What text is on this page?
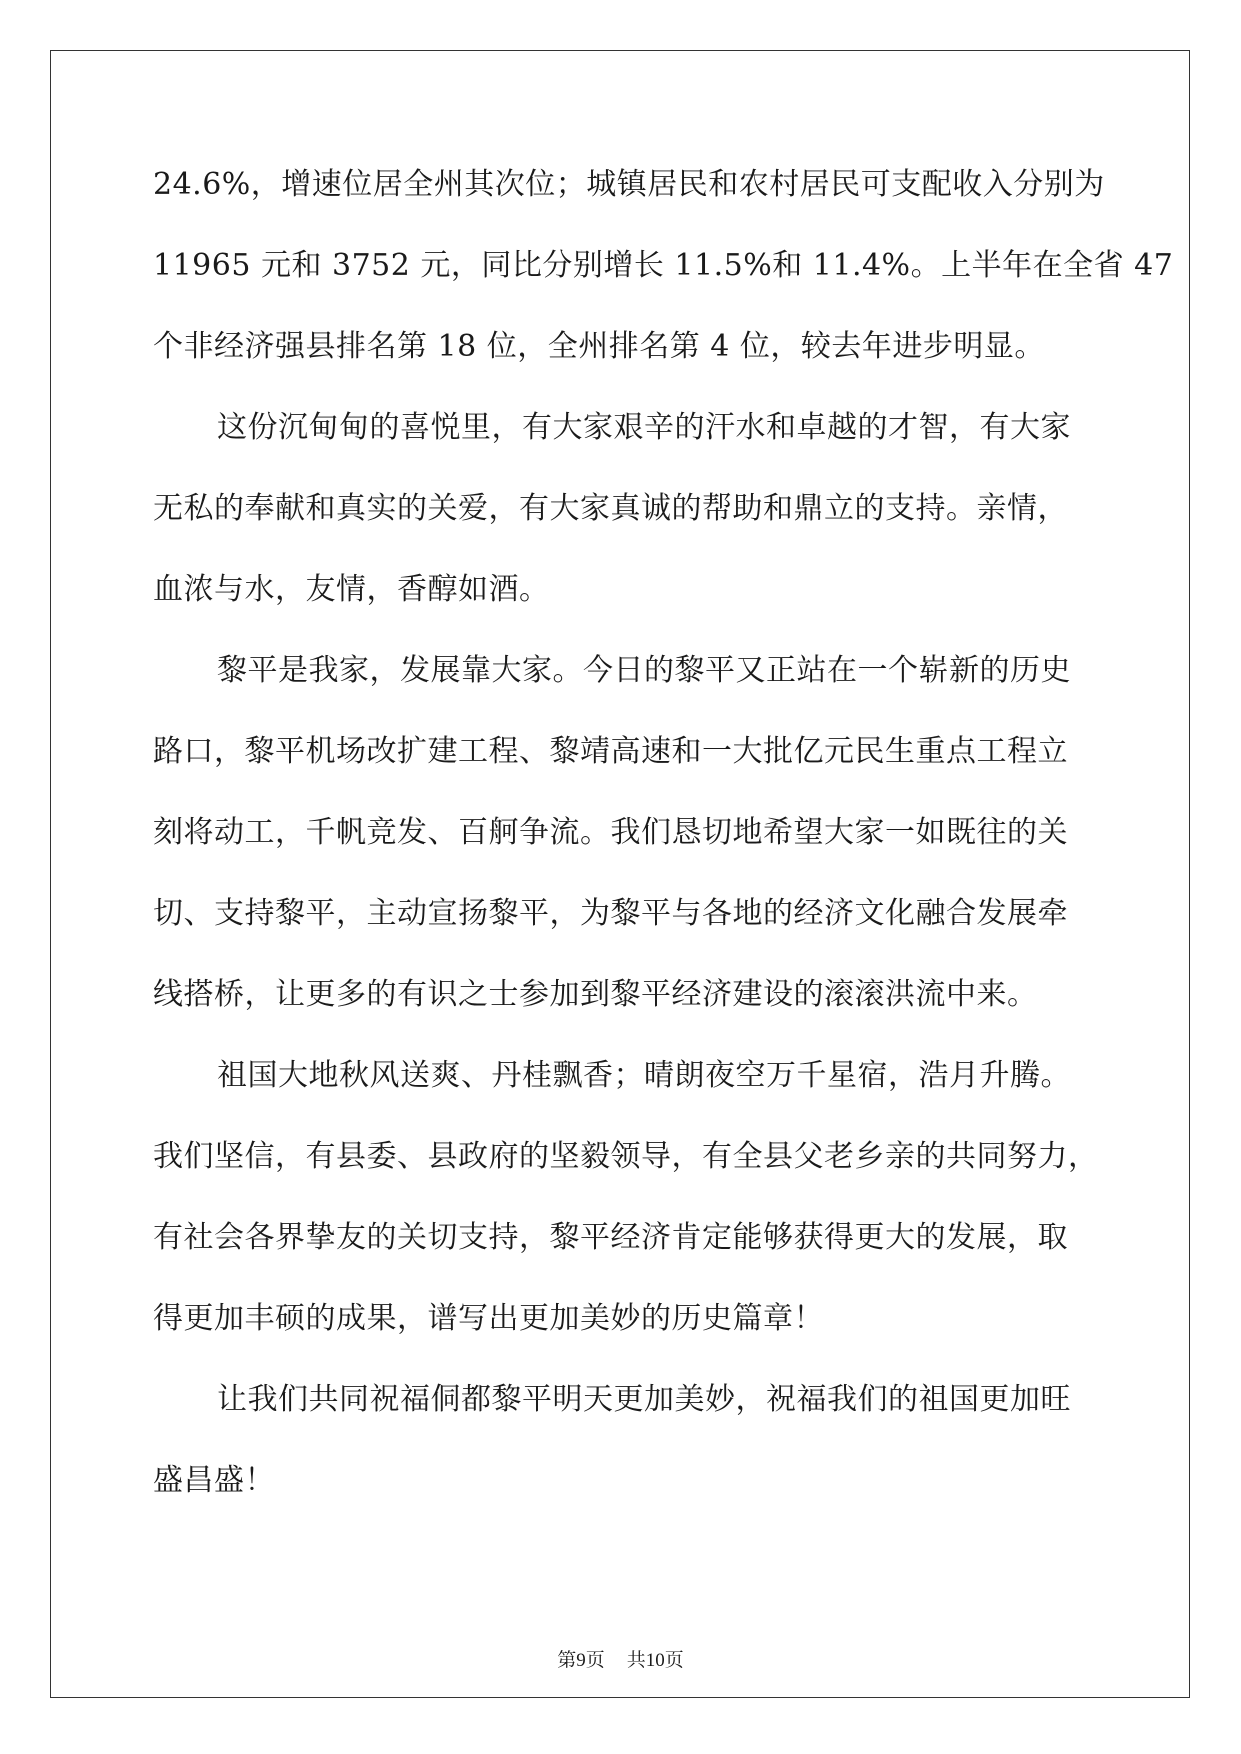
24.6%，增速位居全州其次位；城镇居民和农村居民可支配收入分别为
11965 元和 3752 元，同比分别增长 11.5%和 11.4%。上半年在全省 47
个非经济强县排名第 18 位，全州排名第 4 位，较去年进步明显。
这份沉甸甸的喜悦里，有大家艰辛的汗水和卓越的才智，有大家
无私的奉献和真实的关爱，有大家真诚的帮助和鼎立的支持。亲情，
血浓与水，友情，香醇如酒。
黎平是我家，发展靠大家。今日的黎平又正站在一个崭新的历史
路口，黎平机场改扩建工程、黎靖高速和一大批亿元民生重点工程立
刻将动工，千帆竞发、百舸争流。我们恳切地希望大家一如既往的关
切、支持黎平，主动宣扬黎平，为黎平与各地的经济文化融合发展牵
线搭桥，让更多的有识之士参加到黎平经济建设的滚滚洪流中来。
祖国大地秋风送爽、丹桂飘香；晴朗夜空万千星宿，浩月升腾。
我们坚信，有县委、县政府的坚毅领导，有全县父老乡亲的共同努力，
有社会各界挚友的关切支持，黎平经济肯定能够获得更大的发展，取
得更加丰硕的成果，谱写出更加美妙的历史篇章！
让我们共同祝福侗都黎平明天更加美妙，祝福我们的祖国更加旺
盛昌盛！
第9页 共10页
